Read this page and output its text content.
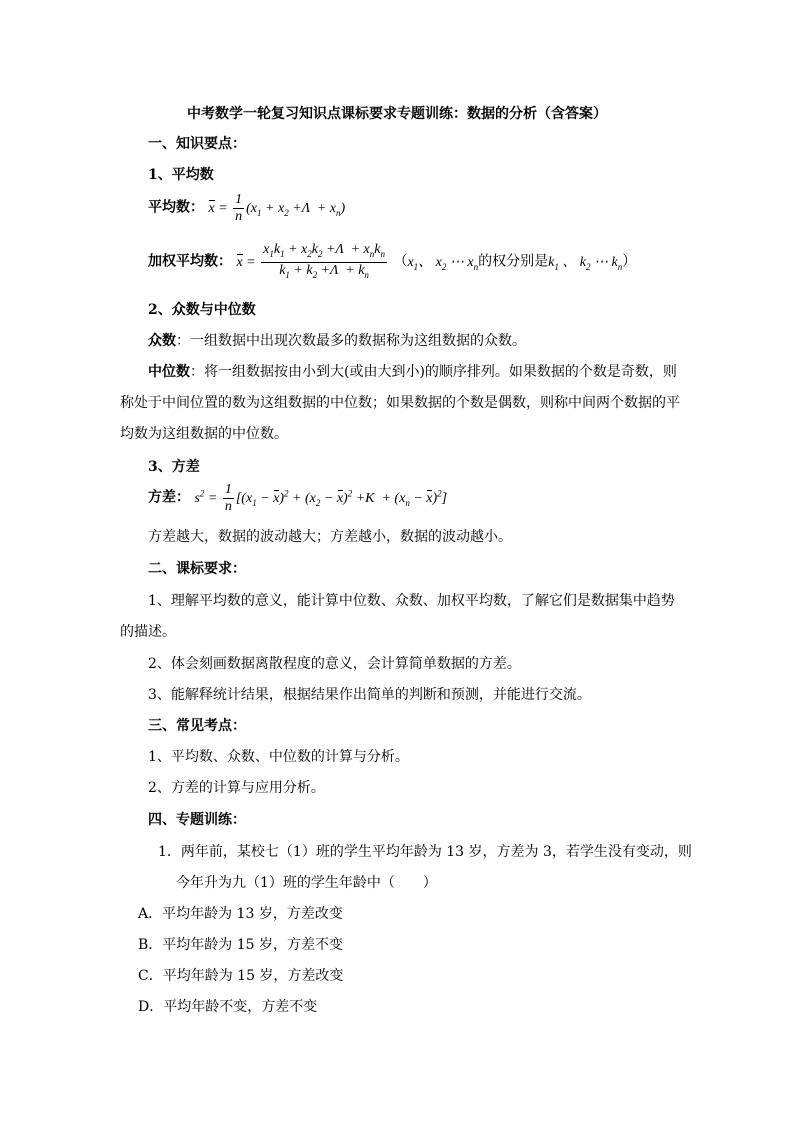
中考数学一轮复习知识点课标要求专题训练：数据的分析（含答案）
一、知识要点：
1、平均数
平均数： $x = \frac{1}{n} (x_1 + x_2 +\Lambda + x_n)$
加权平均数： $x = \frac{x_1k_1 + x_2k_2 +\Lambda + x_nk_n}{k_1 + k_2 +\Lambda + k_n} (x_1$、 $x_2$ ⋯ $x_n$的权分别是$k_1$ 、 $k_2$ ⋯ $k_n$）
2、众数与中位数
众数：一组数据中出现次数最多的数据称为这组数据的众数。
中位数：将一组数据按由小到大(或由大到小)的顺序排列。如果数据的个数是奇数，则
称处于中间位置的数为这组数据的中位数；如果数据的个数是偶数，则称中间两个数据的平
均数为这组数据的中位数。
3、方差
方差： $s^2 = \frac{1}{n} [(x_1 - x)^2 + (x_2 - x)^2 +K + (x_n - x)^2]$
方差越大，数据的波动越大；方差越小，数据的波动越小。
二、课标要求：
1、理解平均数的意义，能计算中位数、众数、加权平均数，了解它们是数据集中趋势
的描述。
2、体会刻画数据离散程度的意义，会计算简单数据的方差。
3、能解释统计结果，根据结果作出简单的判断和预测，并能进行交流。
三、常见考点：
1、平均数、众数、中位数的计算与分析。
2、方差的计算与应用分析。
四、专题训练：
1．两年前，某校七（1）班的学生平均年龄为 13 岁，方差为 3，若学生没有变动，则
今年升为九（1）班的学生年龄中（　　）
A．平均年龄为 13 岁，方差改变
B．平均年龄为 15 岁，方差不变
C．平均年龄为 15 岁，方差改变
D．平均年龄不变，方差不变
